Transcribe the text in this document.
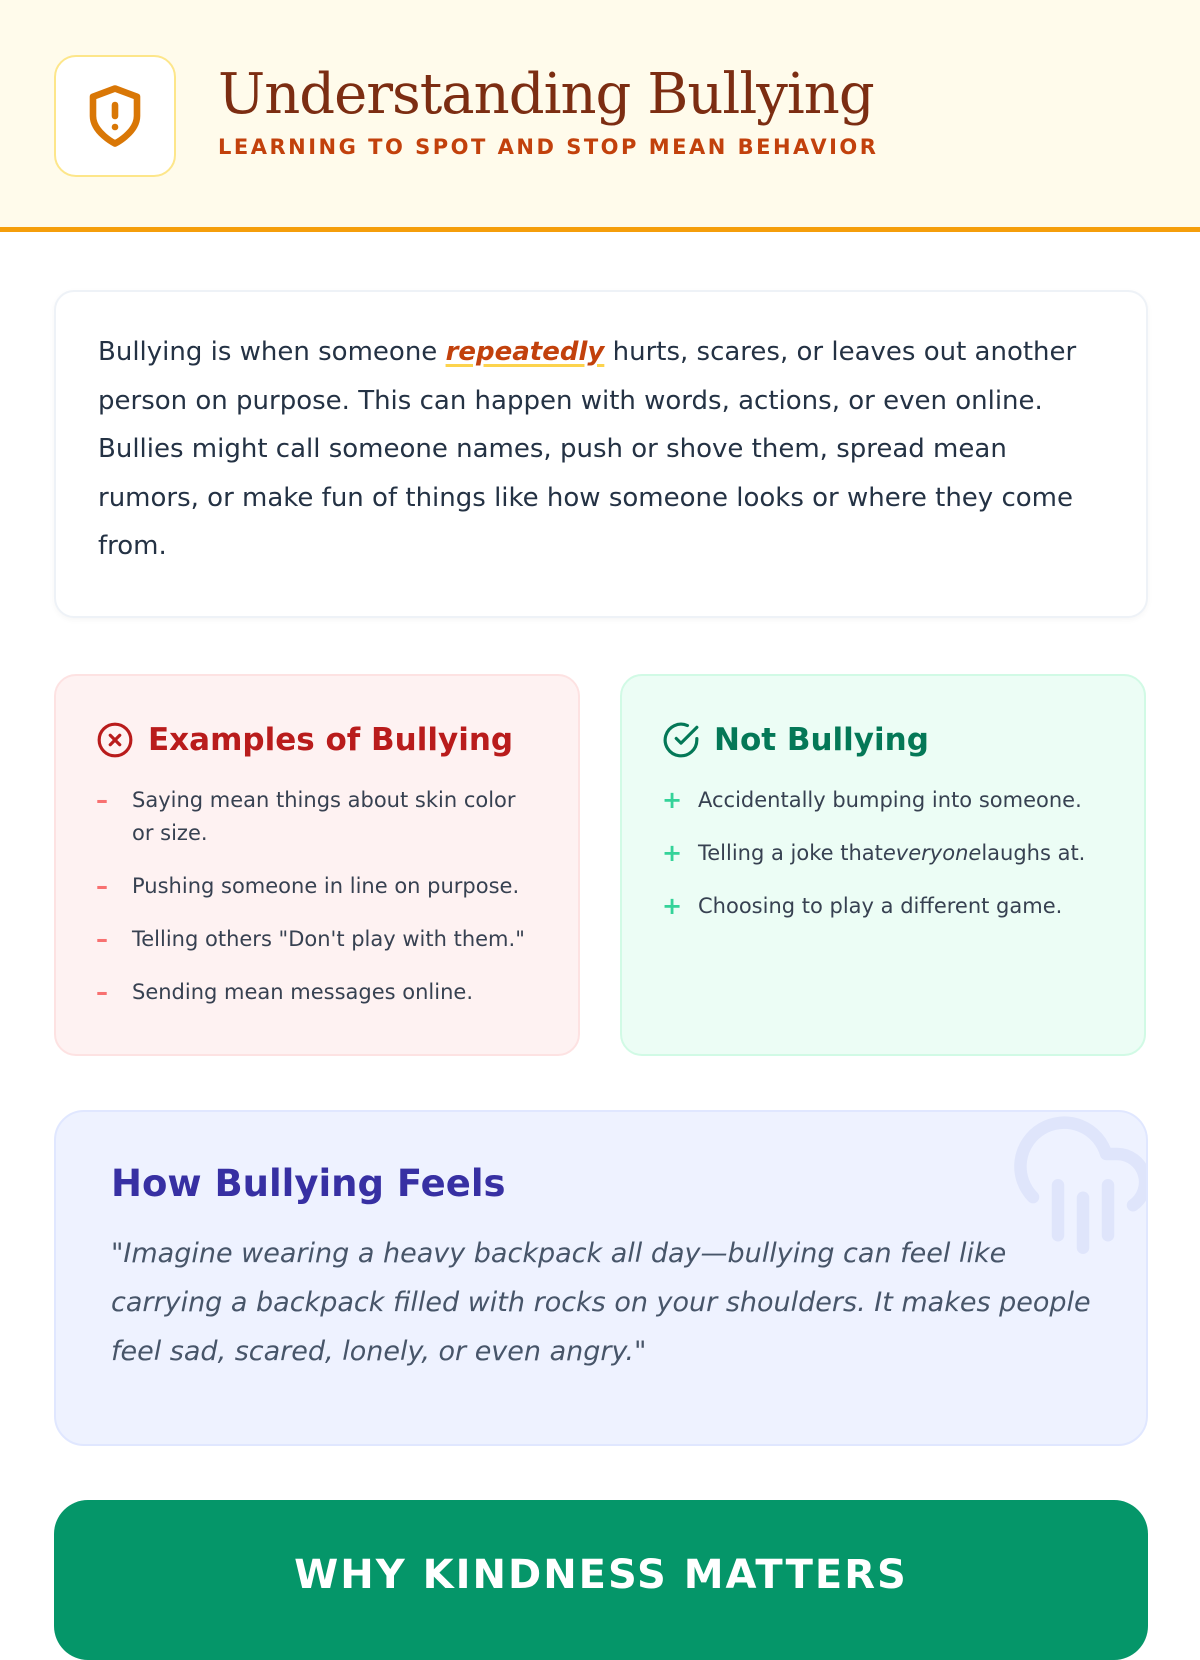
Understanding Bullying
LEARNING TO SPOT AND STOP MEAN BEHAVIOR
Bullying is when someone repeatedly hurts, scares, or leaves out another person on purpose. This can happen with words, actions, or even online. Bullies might call someone names, push or shove them, spread mean rumors, or make fun of things like how someone looks or where they come from.
Examples of Bullying
–	Saying mean things about skin color or size.
–	Pushing someone in line on purpose.
–	Telling others "Don't play with them."
–	Sending mean messages online.
Not Bullying
+ Accidentally bumping into someone.
+ Telling a joke thateveryonelaughs at.
+ Choosing to play a different game.
How Bullying Feels

"Imagine wearing a heavy backpack all day—bullying can feel like carrying a backpack filled with rocks on your shoulders. It makes people feel sad, scared, lonely, or even angry."

WHY KINDNESS MATTERS
